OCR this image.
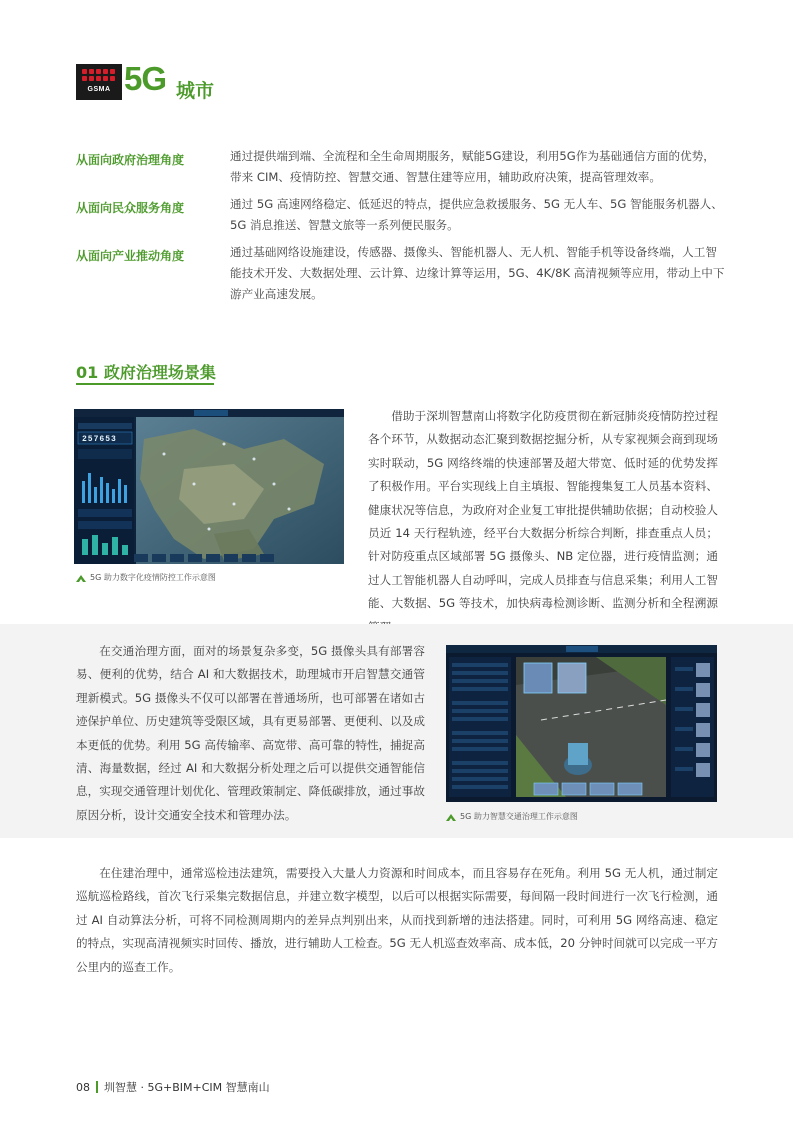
GSMA 5G 城市
从面向政府治理角度	通过提供端到端、全流程和全生命周期服务，赋能5G建设，利用5G作为基础通信方面的优势，带来 CIM、疫情防控、智慧交通、智慧住建等应用，辅助政府决策，提高管理效率。
从面向民众服务角度	通过 5G 高速网络稳定、低延迟的特点，提供应急救援服务、5G 无人车、5G 智能服务机器人、5G 消息推送、智慧文旅等一系列便民服务。
从面向产业推动角度	通过基础网络设施建设，传感器、摄像头、智能机器人、无人机、智能手机等设备终端，人工智能技术开发、大数据处理、云计算、边缘计算等运用，5G、4K/8K 高清视频等应用，带动上中下游产业高速发展。
01 政府治理场景集
257653
5G 助力数字化疫情防控工作示意图
借助于深圳智慧南山将数字化防疫贯彻在新冠肺炎疫情防控过程各个环节，从数据动态汇聚到数据挖掘分析，从专家视频会商到现场实时联动，5G 网络终端的快速部署及超大带宽、低时延的优势发挥了积极作用。平台实现线上自主填报、智能搜集复工人员基本资料、健康状况等信息，为政府对企业复工审批提供辅助依据；自动校验人员近 14 天行程轨迹，经平台大数据分析综合判断，排查重点人员；针对防疫重点区域部署 5G 摄像头、NB 定位器，进行疫情监测；通过人工智能机器人自动呼叫，完成人员排查与信息采集；利用人工智能、大数据、5G 等技术，加快病毒检测诊断、监测分析和全程溯源
在交通治理方面，面对的场景复杂多变，5G 摄像头具有部署容易、便利的优势，结合 AI 和大数据技术，助理城市开启智慧交通管理新模式。5G 摄像头不仅可以部署在普通场所，也可部署在诸如古迹保护单位、历史建筑等受限区域，具有更易部署、更便利、以及成本更低的优势。利用 5G 高传输率、高宽带、高可靠的特性，捕捉高清、海量数据，经过 AI 和大数据分析处理之后可以提供交通智能信息，实现交通管理计划优化、管理政策制定、降低碳排放，通过事故原因分析，设计交通安全技术和管理办法。	5G 助力智慧交通治理工作示意图
在住建治理中，通常巡检违法建筑，需要投入大量人力资源和时间成本，而且容易存在死角。利用 5G 无人机，通过制定巡航巡检路线，首次飞行采集完数据信息，并建立数字模型，以后可以根据实际需要，每间隔一段时间进行一次飞行检测，通过 AI 自动算法分析，可将不同检测周期内的差异点判别出来，从而找到新增的违法搭建。同时，可利用 5G 网络高速、稳定的特点，实现高清视频实时回传、播放，进行辅助人工检查。5G 无人机巡查效率高、成本低，20 分钟时间就可以完成一平方公里内的巡查工作。
08 圳智慧 · 5G+BIM+CIM 智慧南山
